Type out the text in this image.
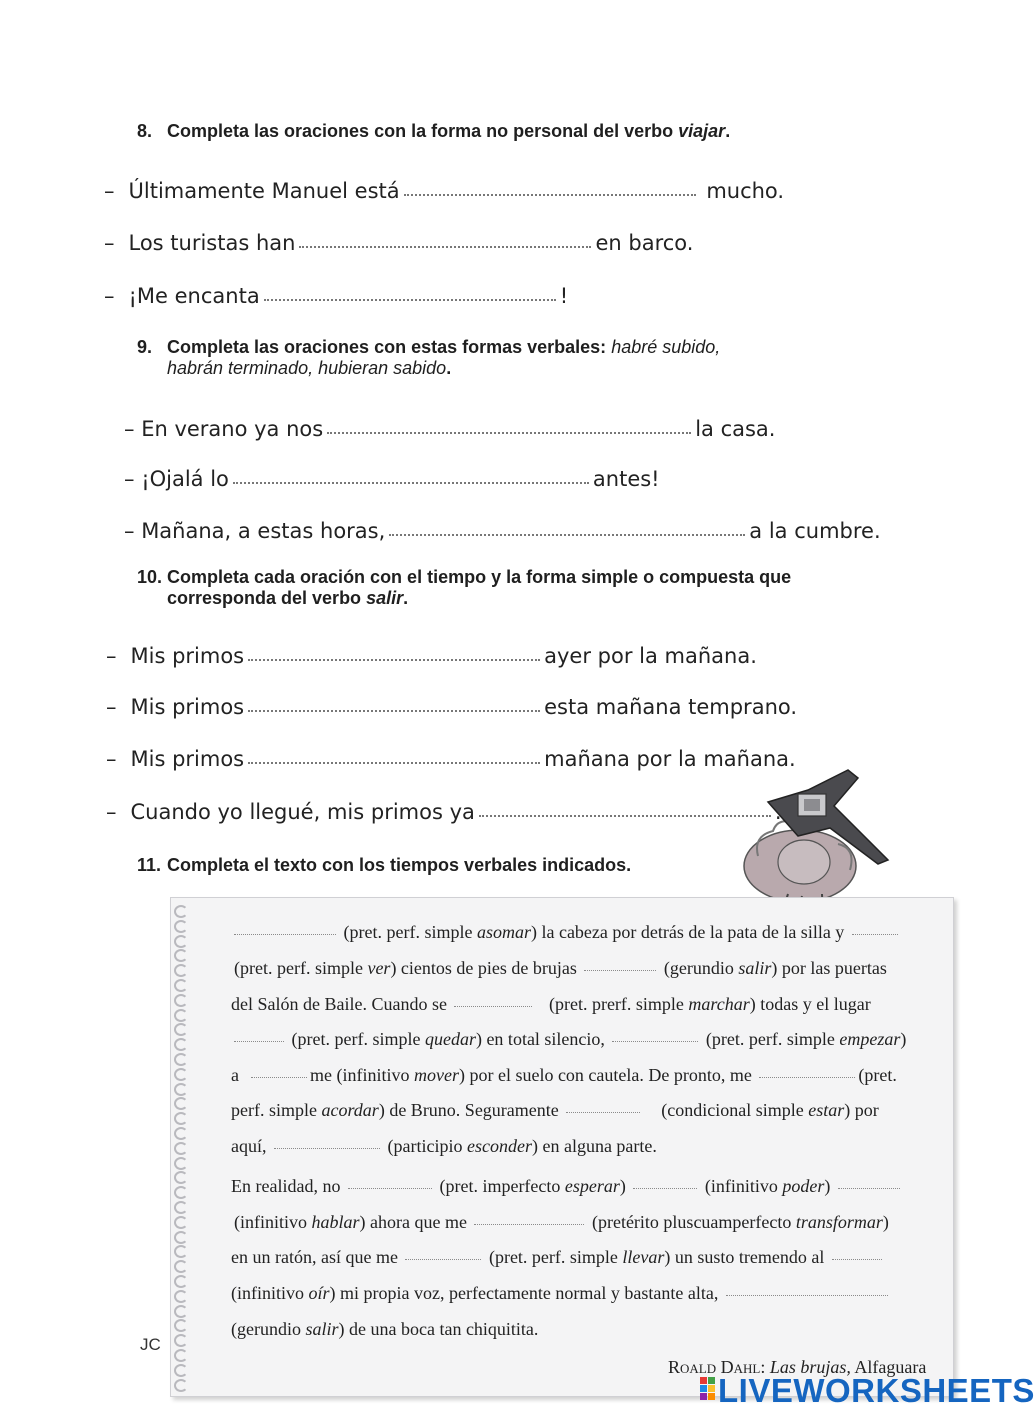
8. Completa las oraciones con la forma no personal del verbo viajar.
– Últimamente Manuel está	mucho.
– Los turistas han	en barco.
– ¡Me encanta	!
9. Completa las oraciones con estas formas verbales: habré subido,
habrán terminado, hubieran sabido.
– En verano ya nos	la casa.
– ¡Ojalá lo	antes!
– Mañana, a estas horas,	a la cumbre.
10. Completa cada oración con el tiempo y la forma simple o compuesta que
corresponda del verbo salir.
– Mis primos	ayer por la mañana.
– Mis primos	esta mañana temprano.
– Mis primos	mañana por la mañana.
– Cuando yo llegué, mis primos ya
11. Completa el texto con los tiempos verbales indicados.
(pret. perf. simple asomar) la cabeza por detrás de la pata de la silla y
(pret. perf. simple ver) cientos de pies de brujas	(gerundio salir) por las puertas
del Salón de Baile. Cuando se	(pret. prerf. simple marchar) todas y el lugar
(pret. perf. simple quedar) en total silencio,	(pret. perf. simple empezar)
a	me (infinitivo mover) por el suelo con cautela. De pronto, me	(pret.
perf. simple acordar) de Bruno. Seguramente	(condicional simple estar) por
aquí,	(participio esconder) en alguna parte.
En realidad, no	(pret. imperfecto esperar)	(infinitivo poder)
(infinitivo hablar) ahora que me	(pretérito pluscuamperfecto transformar)
en un ratón, así que me	(pret. perf. simple llevar) un susto tremendo al
(infinitivo oír) mi propia voz, perfectamente normal y bastante alta,
(gerundio salir) de una boca tan chiquitita.
Roald Dahl: Las brujas, Alfaguara
JC
LIVEWORKSHEETS
